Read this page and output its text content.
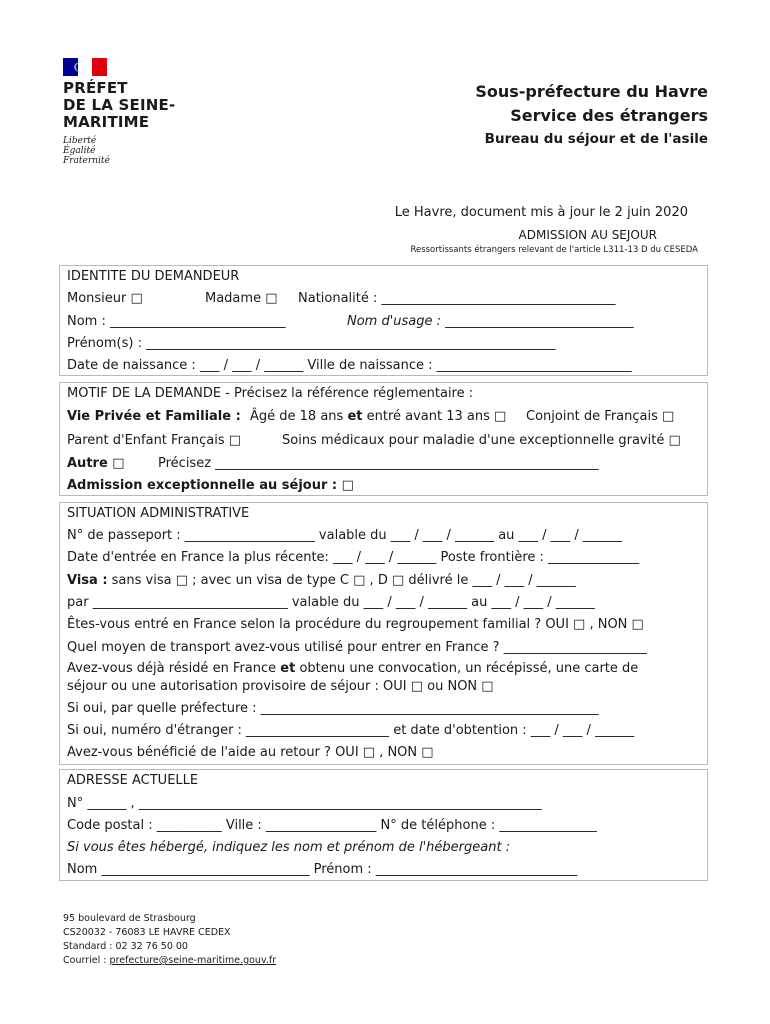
PRÉFET
DE LA SEINE-
MARITIME
Liberté
Égalité
Fraternité
Sous-préfecture du Havre
Service des étrangers
Bureau du séjour et de l'asile
Le Havre, document mis à jour le 2 juin 2020
ADMISSION AU SEJOUR
Ressortissants étrangers relevant de l'article L311-13 D du CESEDA
IDENTITE DU DEMANDEUR
Monsieur □	Madame □ Nationalité : ____________________________________
Nom : ___________________________	Nom d'usage : _____________________________
Prénom(s) : _______________________________________________________________
Date de naissance : ___ / ___ / ______ Ville de naissance : ______________________________
MOTIF DE LA DEMANDE - Précisez la référence réglementaire :
Vie Privée et Familiale : Âgé de 18 ans et entré avant 13 ans □ Conjoint de Français □
Parent d'Enfant Français □	Soins médicaux pour maladie d'une exceptionnelle gravité □
Autre □	Précisez ___________________________________________________________
Admission exceptionnelle au séjour : □
SITUATION ADMINISTRATIVE
N° de passeport : ____________________ valable du ___ / ___ / ______ au ___ / ___ / ______
Date d'entrée en France la plus récente: ___ / ___ / ______ Poste frontière : ______________
Visa : sans visa □ ; avec un visa de type C □ , D □ délivré le ___ / ___ / ______
par ______________________________ valable du ___ / ___ / ______ au ___ / ___ / ______
Êtes-vous entré en France selon la procédure du regroupement familial ? OUI □ , NON □
Quel moyen de transport avez-vous utilisé pour entrer en France ? ______________________
Avez-vous déjà résidé en France et obtenu une convocation, un récépissé, une carte de
séjour ou une autorisation provisoire de séjour : OUI □ ou NON □
Si oui, par quelle préfecture : ____________________________________________________
Si oui, numéro d'étranger : ______________________ et date d'obtention : ___ / ___ / ______
Avez-vous bénéficié de l'aide au retour ? OUI □ , NON □
ADRESSE ACTUELLE
N° ______ , ______________________________________________________________
Code postal : __________ Ville : _________________ N° de téléphone : _______________
Si vous êtes hébergé, indiquez les nom et prénom de l'hébergeant :
Nom ________________________________ Prénom : _______________________________
95 boulevard de Strasbourg
CS20032 - 76083 LE HAVRE CEDEX
Standard : 02 32 76 50 00
Courriel : prefecture@seine-maritime.gouv.fr
